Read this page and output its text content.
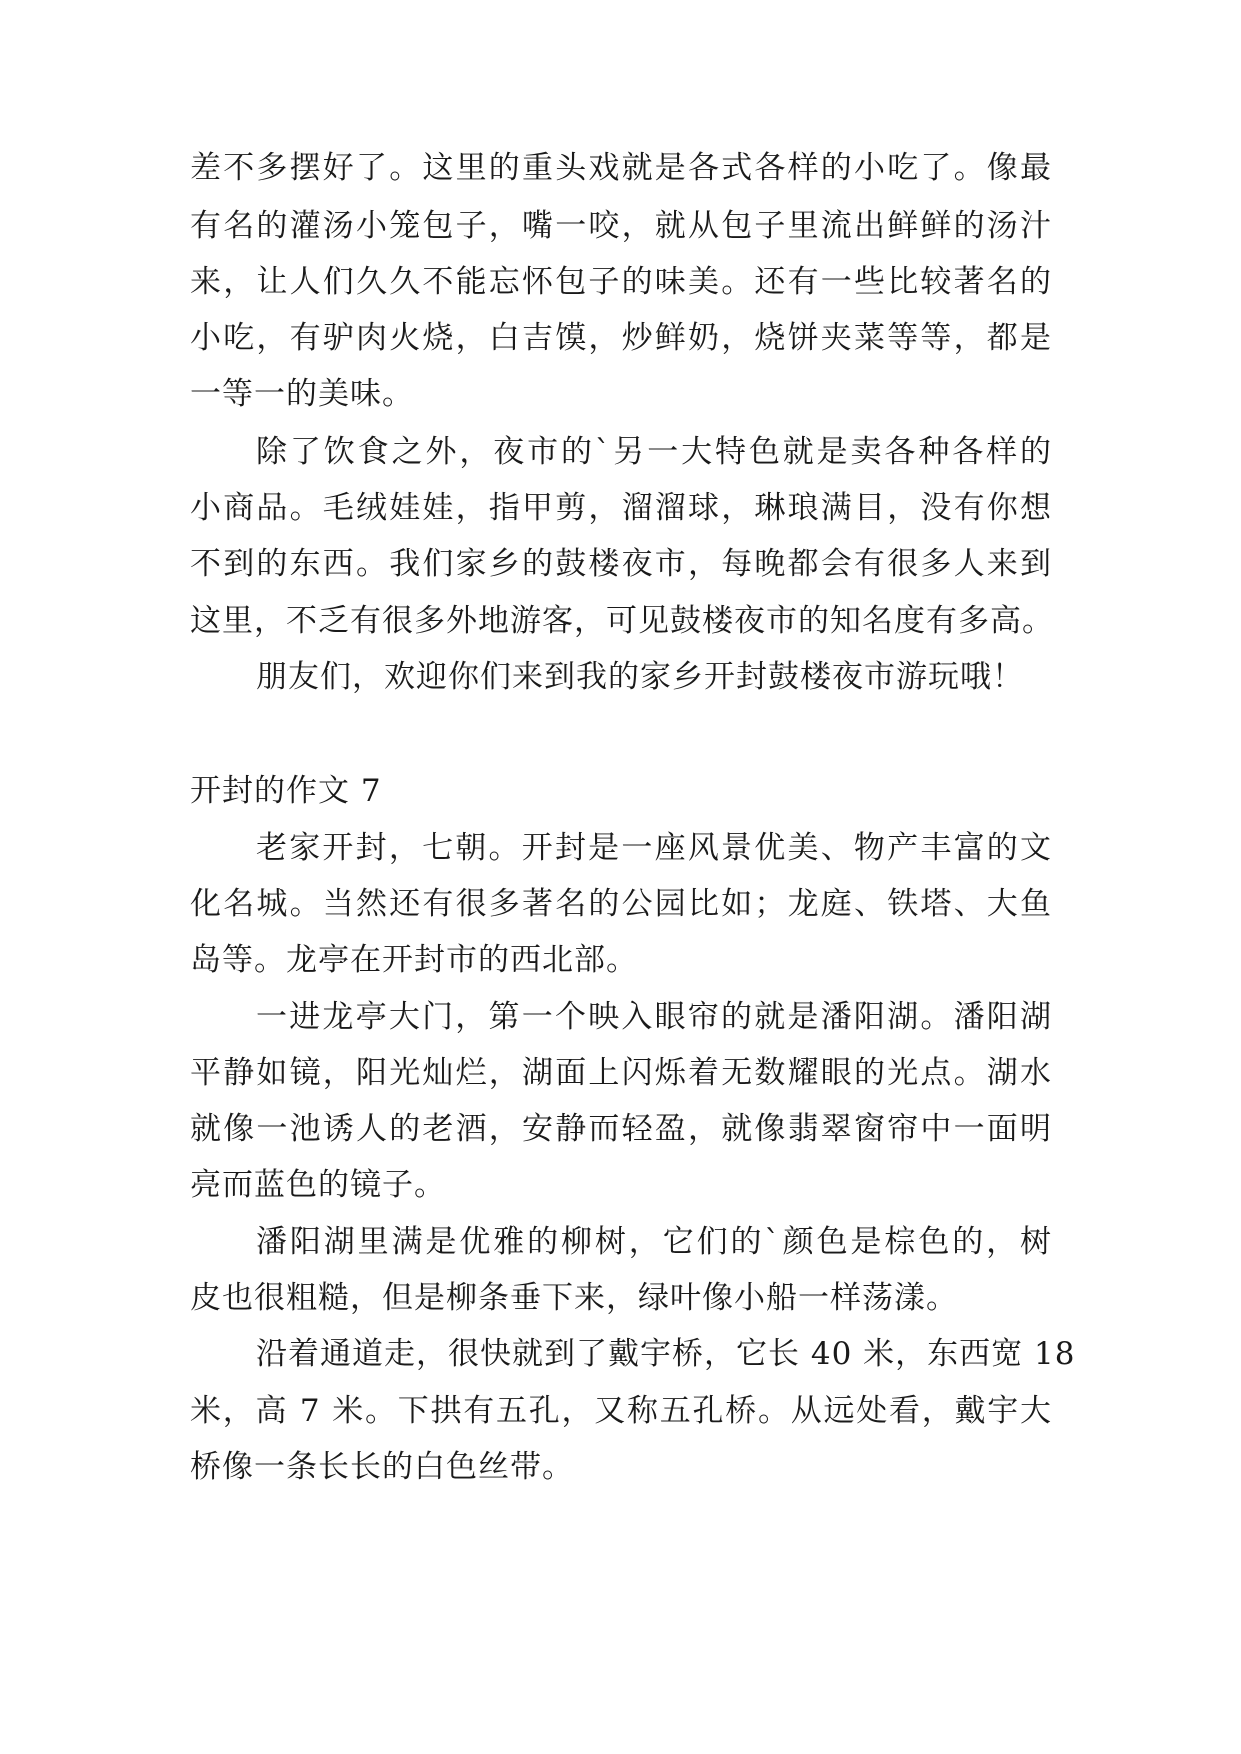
差不多摆好了。这里的重头戏就是各式各样的小吃了。像最
有名的灌汤小笼包子，嘴一咬，就从包子里流出鲜鲜的汤汁
来，让人们久久不能忘怀包子的味美。还有一些比较著名的
小吃，有驴肉火烧，白吉馍，炒鲜奶，烧饼夹菜等等，都是
一等一的美味。
除了饮食之外，夜市的`另一大特色就是卖各种各样的
小商品。毛绒娃娃，指甲剪，溜溜球，琳琅满目，没有你想
不到的东西。我们家乡的鼓楼夜市，每晚都会有很多人来到
这里，不乏有很多外地游客，可见鼓楼夜市的知名度有多高。
朋友们，欢迎你们来到我的家乡开封鼓楼夜市游玩哦！
开封的作文 7
老家开封，七朝。开封是一座风景优美、物产丰富的文
化名城。当然还有很多著名的公园比如；龙庭、铁塔、大鱼
岛等。龙亭在开封市的西北部。
一进龙亭大门，第一个映入眼帘的就是潘阳湖。潘阳湖
平静如镜，阳光灿烂，湖面上闪烁着无数耀眼的光点。湖水
就像一池诱人的老酒，安静而轻盈，就像翡翠窗帘中一面明
亮而蓝色的镜子。
潘阳湖里满是优雅的柳树，它们的`颜色是棕色的，树
皮也很粗糙，但是柳条垂下来，绿叶像小船一样荡漾。
沿着通道走，很快就到了戴宇桥，它长 40 米，东西宽 18
米，高 7 米。下拱有五孔，又称五孔桥。从远处看，戴宇大
桥像一条长长的白色丝带。
